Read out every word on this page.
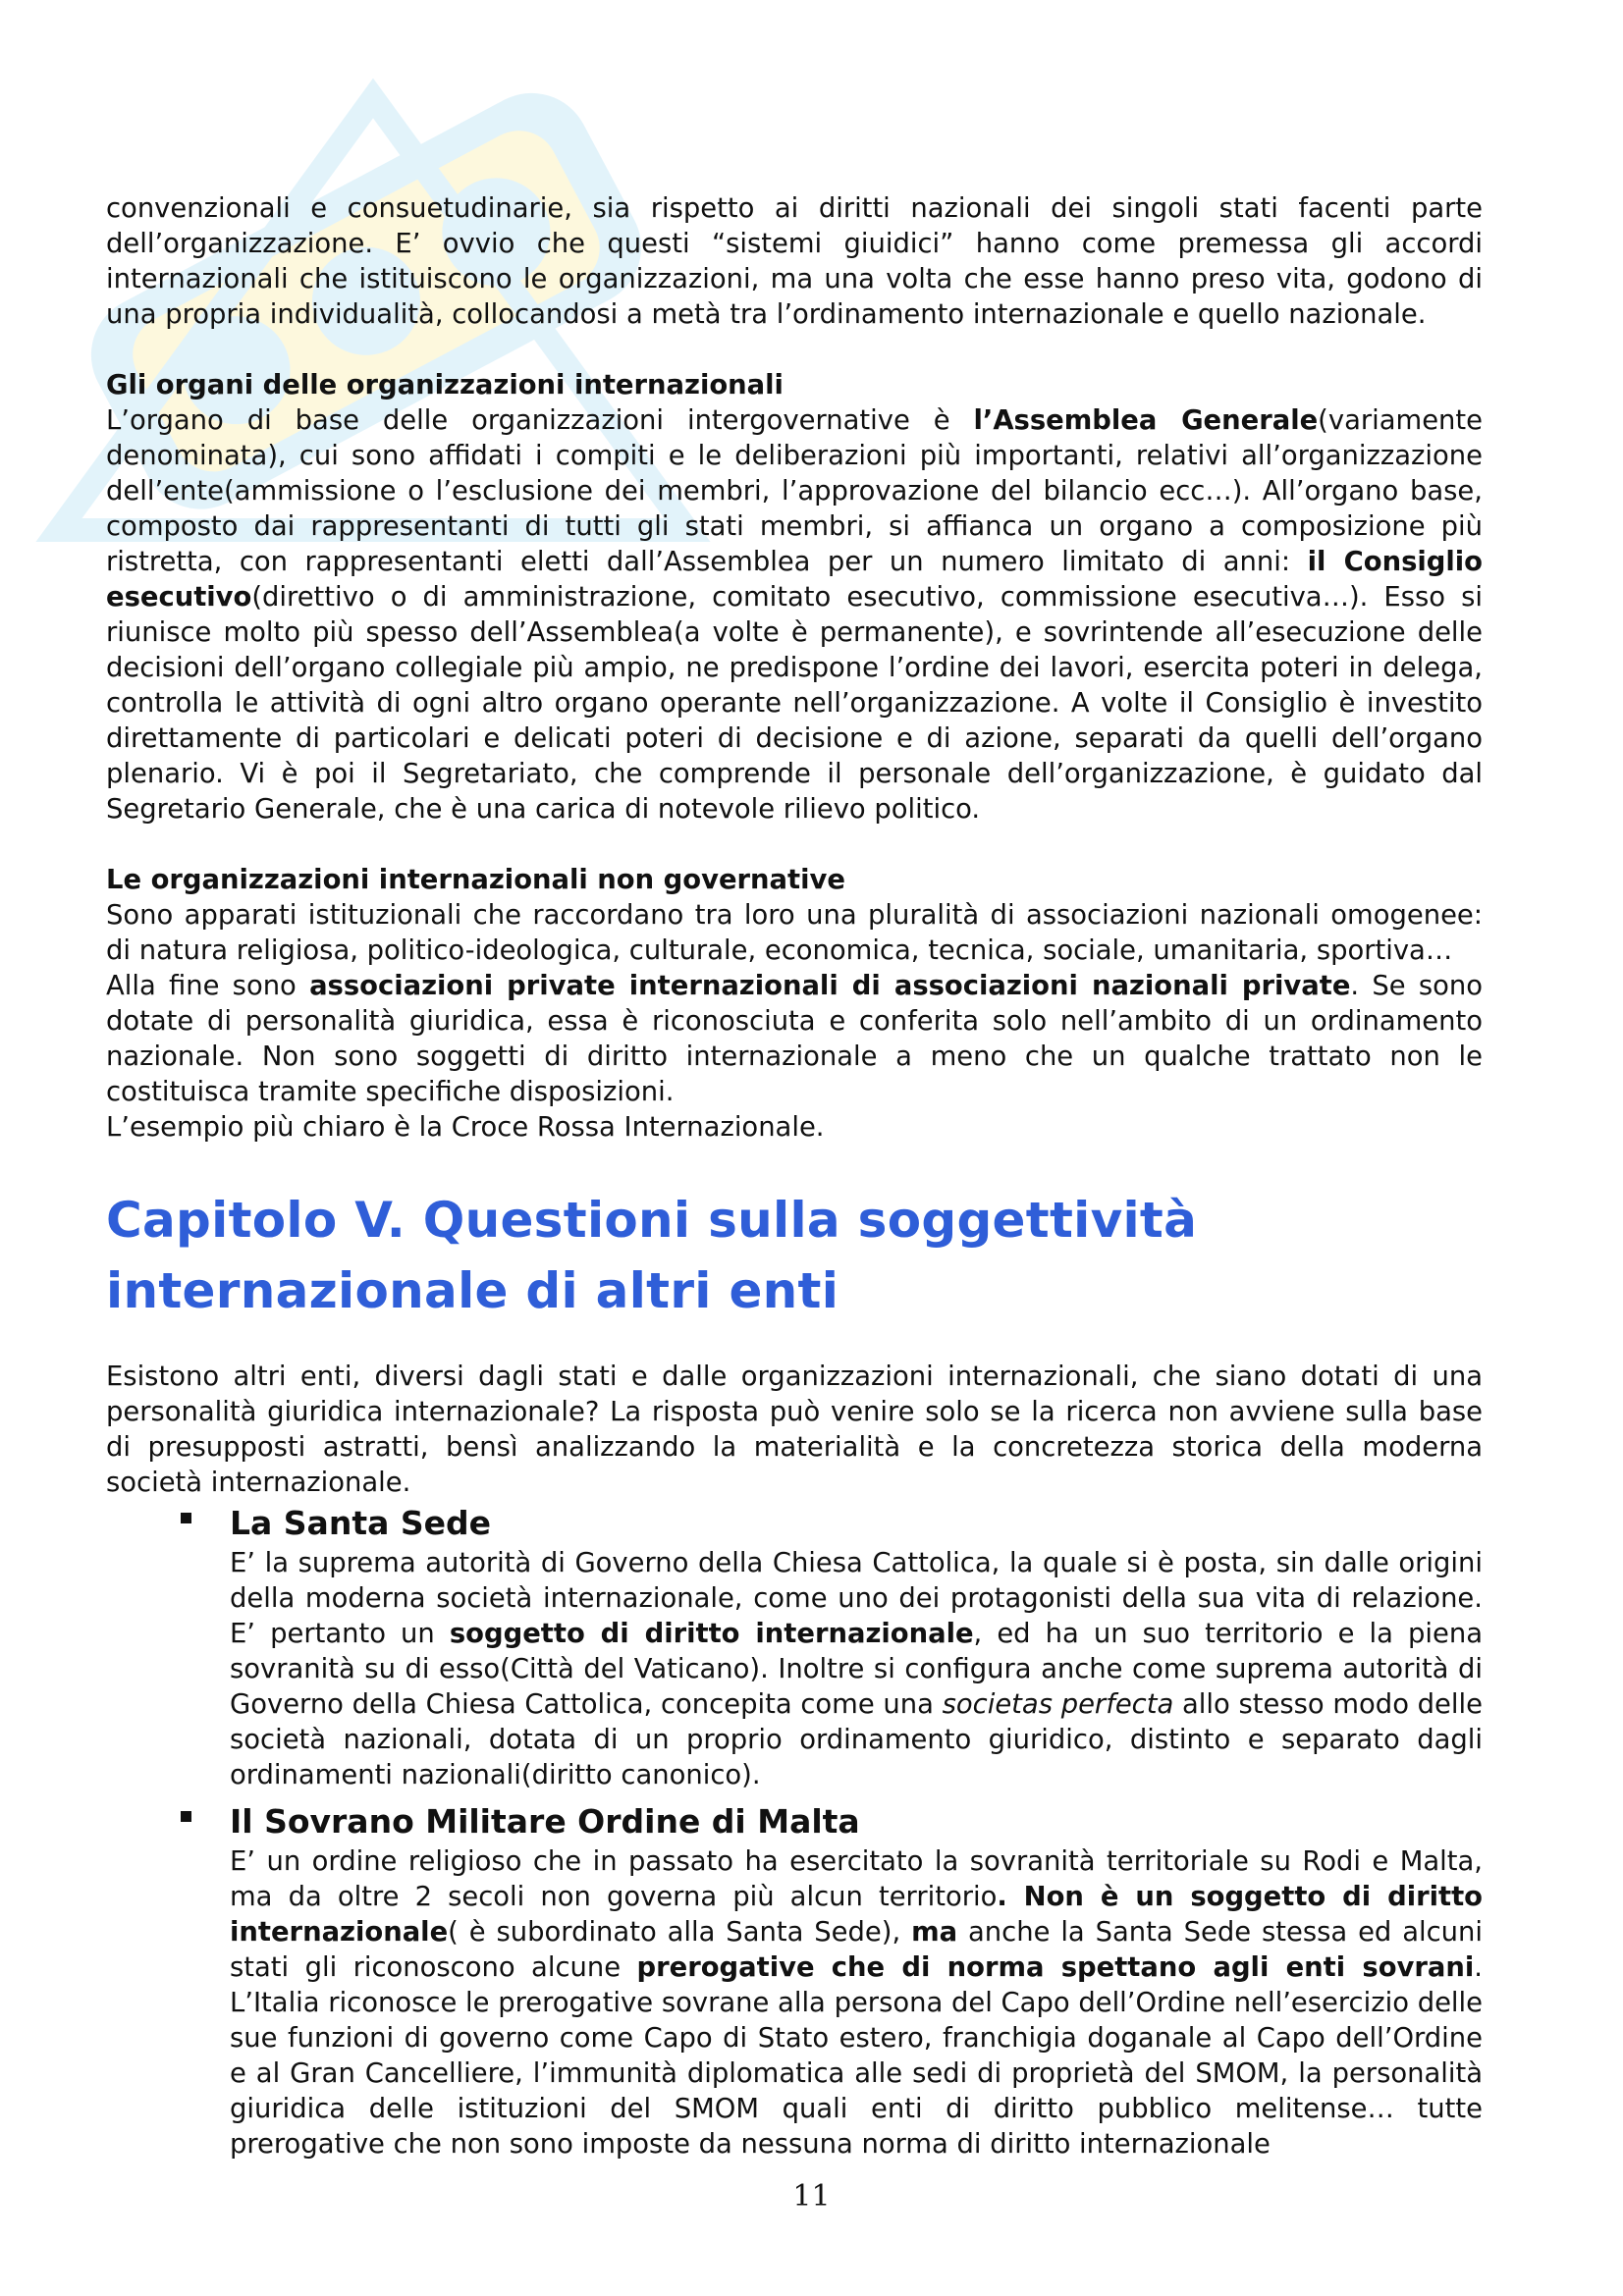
convenzionali e consuetudinarie, sia rispetto ai diritti nazionali dei singoli stati facenti parte dell’organizzazione. E’ ovvio che questi “sistemi giuidici” hanno come premessa gli accordi internazionali che istituiscono le organizzazioni, ma una volta che esse hanno preso vita, godono di una propria individualità, collocandosi a metà tra l’ordinamento internazionale e quello nazionale.

Gli organi delle organizzazioni internazionali

L’organo di base delle organizzazioni intergovernative è l’Assemblea Generale(variamente denominata), cui sono affidati i compiti e le deliberazioni più importanti, relativi all’organizzazione dell’ente(ammissione o l’esclusione dei membri, l’approvazione del bilancio ecc…). All’organo base, composto dai rappresentanti di tutti gli stati membri, si affianca un organo a composizione più ristretta, con rappresentanti eletti dall’Assemblea per un numero limitato di anni: il Consiglio esecutivo(direttivo o di amministrazione, comitato esecutivo, commissione esecutiva…). Esso si riunisce molto più spesso dell’Assemblea(a volte è permanente), e sovrintende all’esecuzione delle decisioni dell’organo collegiale più ampio, ne predispone l’ordine dei lavori, esercita poteri in delega, controlla le attività di ogni altro organo operante nell’organizzazione. A volte il Consiglio è investito direttamente di particolari e delicati poteri di decisione e di azione, separati da quelli dell’organo plenario. Vi è poi il Segretariato, che comprende il personale dell’organizzazione, è guidato dal Segretario Generale, che è una carica di notevole rilievo politico.

Le organizzazioni internazionali non governative

Sono apparati istituzionali che raccordano tra loro una pluralità di associazioni nazionali omogenee: di natura religiosa, politico-ideologica, culturale, economica, tecnica, sociale, umanitaria, sportiva…

Alla fine sono associazioni private internazionali di associazioni nazionali private. Se sono dotate di personalità giuridica, essa è riconosciuta e conferita solo nell’ambito di un ordinamento nazionale. Non sono soggetti di diritto internazionale a meno che un qualche trattato non le costituisca tramite specifiche disposizioni.

L’esempio più chiaro è la Croce Rossa Internazionale.

Capitolo V. Questioni sulla soggettività internazionale di altri enti

Esistono altri enti, diversi dagli stati e dalle organizzazioni internazionali, che siano dotati di una personalità giuridica internazionale? La risposta può venire solo se la ricerca non avviene sulla base di presupposti astratti, bensì analizzando la materialità e la concretezza storica della moderna società internazionale.

La Santa Sede

E’ la suprema autorità di Governo della Chiesa Cattolica, la quale si è posta, sin dalle origini della moderna società internazionale, come uno dei protagonisti della sua vita di relazione. E’ pertanto un soggetto di diritto internazionale, ed ha un suo territorio e la piena sovranità su di esso(Città del Vaticano). Inoltre si configura anche come suprema autorità di Governo della Chiesa Cattolica, concepita come una societas perfecta allo stesso modo delle società nazionali, dotata di un proprio ordinamento giuridico, distinto e separato dagli ordinamenti nazionali(diritto canonico).

Il Sovrano Militare Ordine di Malta

E’ un ordine religioso che in passato ha esercitato la sovranità territoriale su Rodi e Malta, ma da oltre 2 secoli non governa più alcun territorio. Non è un soggetto di diritto internazionale( è subordinato alla Santa Sede), ma anche la Santa Sede stessa ed alcuni stati gli riconoscono alcune prerogative che di norma spettano agli enti sovrani. L’Italia riconosce le prerogative sovrane alla persona del Capo dell’Ordine nell’esercizio delle sue funzioni di governo come Capo di Stato estero, franchigia doganale al Capo dell’Ordine e al Gran Cancelliere, l’immunità diplomatica alle sedi di proprietà del SMOM, la personalità giuridica delle istituzioni del SMOM quali enti di diritto pubblico melitense… tutte prerogative che non sono imposte da nessuna norma di diritto internazionale

11
